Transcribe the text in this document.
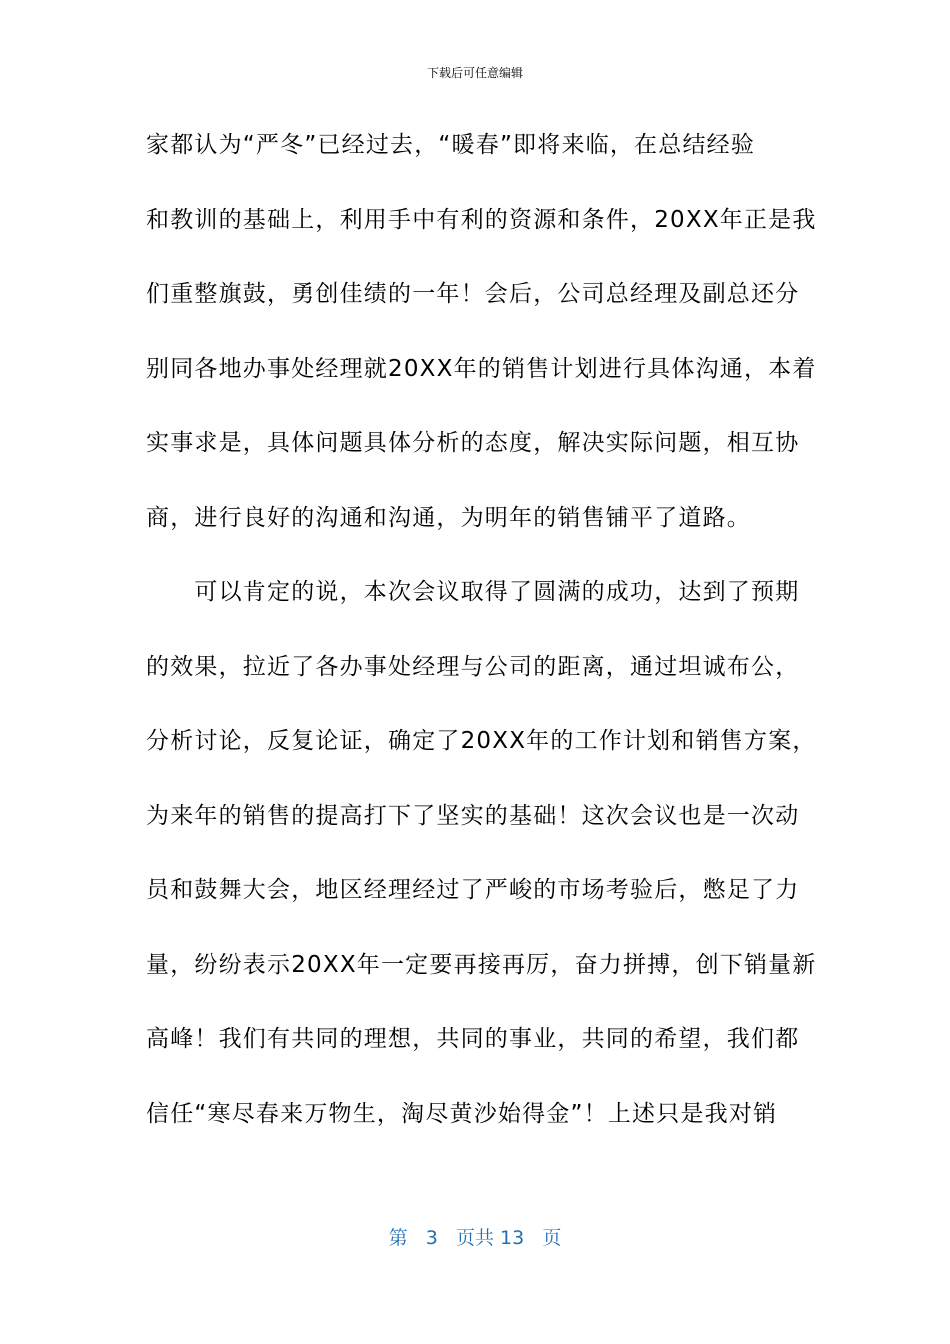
下载后可任意编辑
家都认为“严冬”已经过去，“暖春”即将来临，在总结经验
和教训的基础上，利用手中有利的资源和条件，20XX年正是我
们重整旗鼓，勇创佳绩的一年！会后，公司总经理及副总还分
别同各地办事处经理就20XX年的销售计划进行具体沟通，本着
实事求是，具体问题具体分析的态度，解决实际问题，相互协
商，进行良好的沟通和沟通，为明年的销售铺平了道路。
　　可以肯定的说，本次会议取得了圆满的成功，达到了预期
的效果，拉近了各办事处经理与公司的距离，通过坦诚布公，
分析讨论，反复论证，确定了20XX年的工作计划和销售方案，
为来年的销售的提高打下了坚实的基础！这次会议也是一次动
员和鼓舞大会，地区经理经过了严峻的市场考验后，憋足了力
量，纷纷表示20XX年一定要再接再厉，奋力拼搏，创下销量新
高峰！我们有共同的理想，共同的事业，共同的希望，我们都
信任“寒尽春来万物生，淘尽黄沙始得金”！上述只是我对销
第 3 页共 13 页
